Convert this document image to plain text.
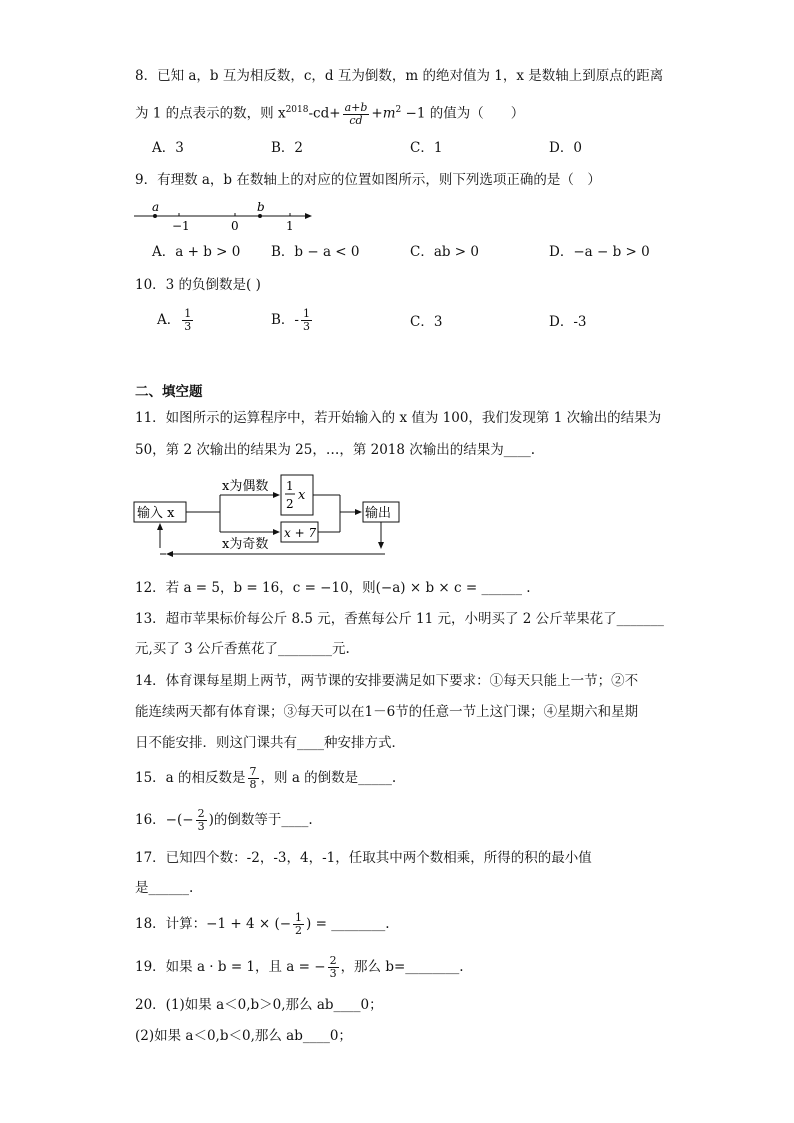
8．已知 a，b 互为相反数，c，d 互为倒数，m 的绝对值为 1，x 是数轴上到原点的距离
为 1 的点表示的数，则 $x^{2018}-cd+ \frac{a+b}{cd} +m^2 -1$ 的值为（　　）
A．3	B．2	C．1	D．0
9．有理数 a，b 在数轴上的对应的位置如图所示，则下列选项正确的是（　）
a	b
−1	0	1
A．a + b > 0 B．b − a < 0	C．ab > 0	D．−a − b > 0
10．3 的负倒数是( )
A． $\frac{1}{3}$	B．- $\frac{1}{3}$	C．3	D．-3
二、填空题
11．如图所示的运算程序中，若开始输入的 x 值为 100，我们发现第 1 次输出的结果为
50，第 2 次输出的结果为 25，…，第 2018 次输出的结果为____.
输入 x
x为偶数
x为奇数
1
2
x
x + 7
输出
12．若 a = 5，b = 16，c = −10，则(−a) × b × c = ______ .
13．超市苹果标价每公斤 8.5 元，香蕉每公斤 11 元，小明买了 2 公斤苹果花了_______
元,买了 3 公斤香蕉花了________元.
14．体育课每星期上两节，两节课的安排要满足如下要求：①每天只能上一节；②不
能连续两天都有体育课；③每天可以在1－6节的任意一节上这门课；④星期六和星期
日不能安排．则这门课共有____种安排方式．
15．a 的相反数是 $\frac{7}{8}$ ，则 a 的倒数是_____.
16．−(− $\frac{2}{3}$ )的倒数等于____.
17．已知四个数：-2，-3，4，-1，任取其中两个数相乘，所得的积的最小值
是______.
18．计算：−1 + 4 × (− $\frac{1}{2}$ ) = ________.
19．如果 a · b = 1，且 a = − $\frac{2}{3}$ ，那么 b=________.
20．(1)如果 a＜0,b＞0,那么 ab____0；
(2)如果 a＜0,b＜0,那么 ab____0；
